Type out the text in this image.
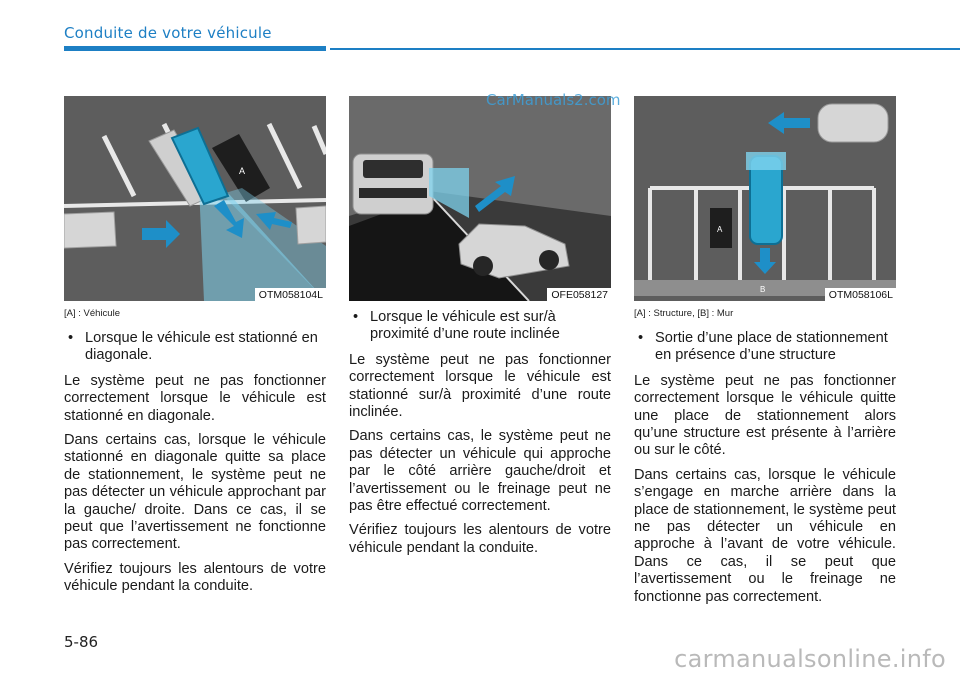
Conduite de votre véhicule
A
OTM058104L
[A] : Véhicule
• Lorsque le véhicule est stationné en diagonale.

Le système peut ne pas fonctionner correctement lorsque le véhicule est stationné en diagonale.

Dans certains cas, lorsque le véhicule stationné en diagonale quitte sa place de stationnement, le système peut ne pas détecter un véhicule approchant par la gauche/ droite. Dans ce cas, il se peut que l’avertissement ne fonctionne pas correctement.

Vérifiez toujours les alentours de votre véhicule pendant la conduite.

OFE058127
• Lorsque le véhicule est sur/à proximité d’une route inclinée

Le système peut ne pas fonctionner correctement lorsque le véhicule est stationné sur/à proximité d’une route inclinée.

Dans certains cas, le système peut ne pas détecter un véhicule qui approche par le côté arrière gauche/droit et l’avertissement ou le freinage peut ne pas être effectué correctement.

Vérifiez toujours les alentours de votre véhicule pendant la conduite.

B
A
OTM058106L
[A] : Structure, [B] : Mur
• Sortie d’une place de stationnement en présence d’une structure

Le système peut ne pas fonctionner correctement lorsque le véhicule quitte une place de stationnement alors qu’une structure est présente à l’arrière ou sur le côté.

Dans certains cas, lorsque le véhicule s’engage en marche arrière dans la place de stationnement, le système peut ne pas détecter un véhicule en approche à l’avant de votre véhicule. Dans ce cas, il se peut que l’avertissement ou le freinage ne fonctionne pas correctement.

CarManuals2.com
5-86
carmanualsonline.info
